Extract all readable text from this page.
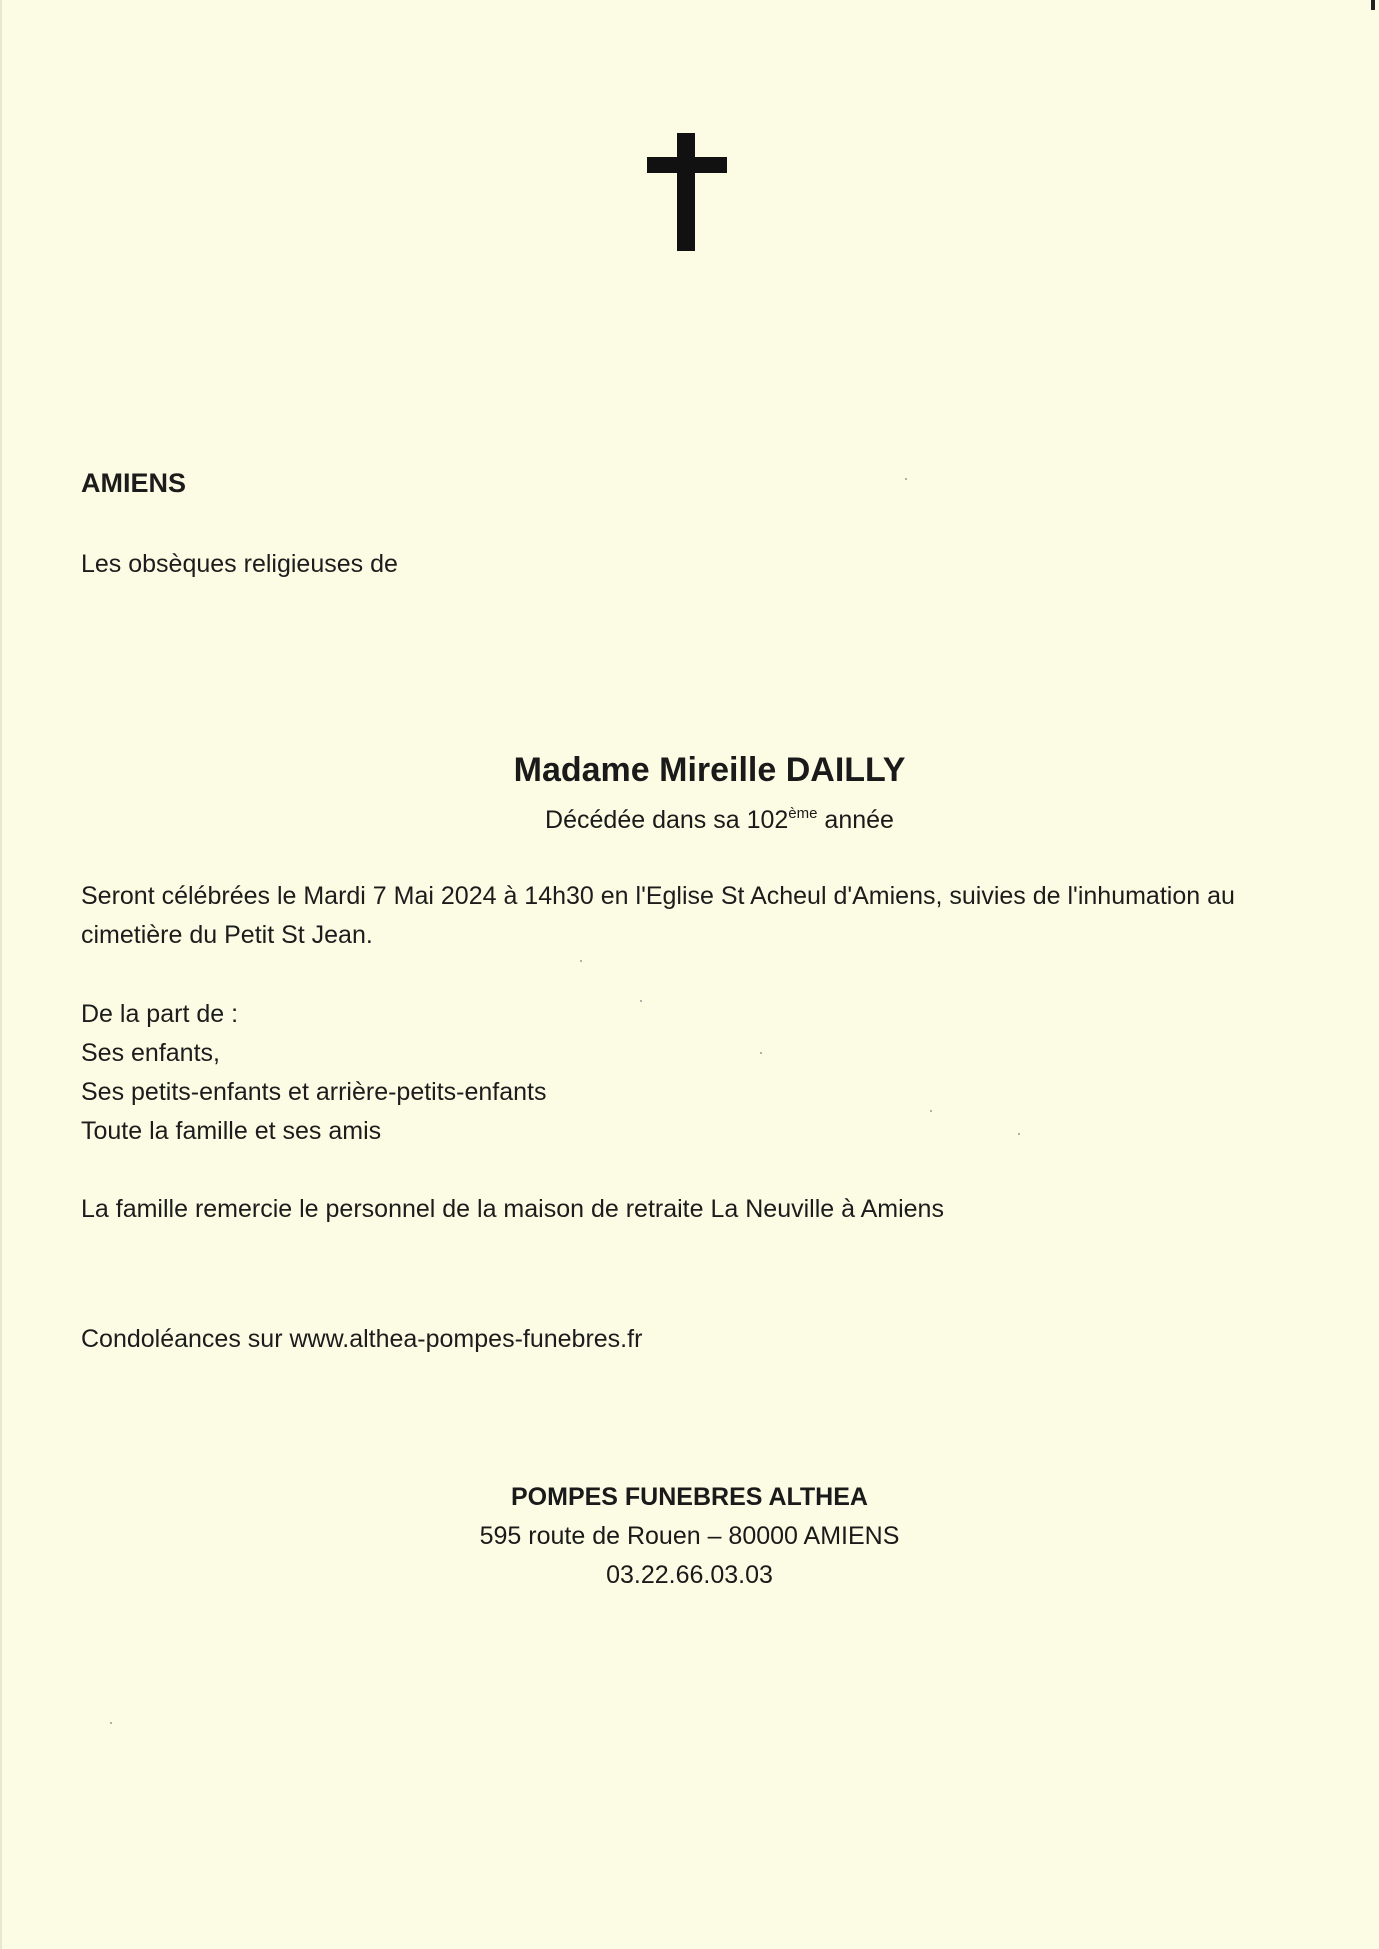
AMIENS
Les obsèques religieuses de
Madame Mireille DAILLY
Décédée dans sa 102ème année
Seront célébrées le Mardi 7 Mai 2024 à 14h30 en l'Eglise St Acheul d'Amiens, suivies de l'inhumation au cimetière du Petit St Jean.
De la part de :
Ses enfants,
Ses petits-enfants et arrière-petits-enfants
Toute la famille et ses amis
La famille remercie le personnel de la maison de retraite La Neuville à Amiens
Condoléances sur www.althea-pompes-funebres.fr
POMPES FUNEBRES ALTHEA
595 route de Rouen – 80000 AMIENS
03.22.66.03.03
